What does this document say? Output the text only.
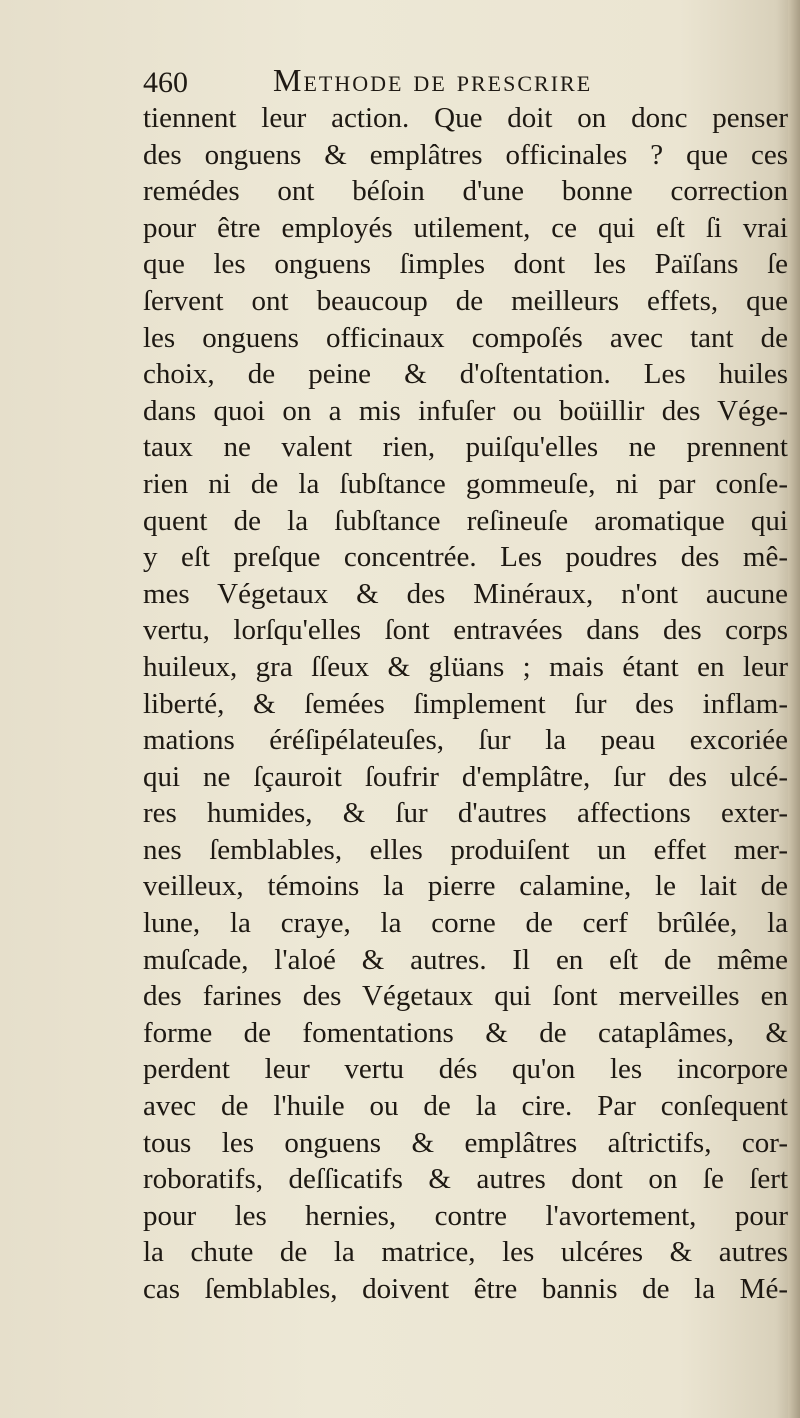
460	Methode de prescrire
tiennent leur action. Que doit on donc penser
des onguens & emplâtres officinales ? que ces
remédes ont béſoin d'une bonne correction
pour être employés utilement, ce qui eſt ſi vrai
que les onguens ſimples dont les Païſans ſe
ſervent ont beaucoup de meilleurs effets, que
les onguens officinaux compoſés avec tant de
choix, de peine & d'oſtentation. Les huiles
dans quoi on a mis infuſer ou boüillir des Vége-
taux ne valent rien, puiſqu'elles ne prennent
rien ni de la ſubſtance gommeuſe, ni par conſe-
quent de la ſubſtance reſineuſe aromatique qui
y eſt preſque concentrée. Les poudres des mê-
mes Végetaux & des Minéraux, n'ont aucune
vertu, lorſqu'elles ſont entravées dans des corps
huileux, gra ſſeux & glüans ; mais étant en leur
liberté, & ſemées ſimplement ſur des inflam-
mations éréſipélateuſes, ſur la peau excoriée
qui ne ſçauroit ſoufrir d'emplâtre, ſur des ulcé-
res humides, & ſur d'autres affections exter-
nes ſemblables, elles produiſent un effet mer-
veilleux, témoins la pierre calamine, le lait de
lune, la craye, la corne de cerf brûlée, la
muſcade, l'aloé & autres. Il en eſt de même
des farines des Végetaux qui ſont merveilles en
forme de fomentations & de cataplâmes, &
perdent leur vertu dés qu'on les incorpore
avec de l'huile ou de la cire. Par conſequent
tous les onguens & emplâtres aſtrictifs, cor-
roboratifs, deſſicatifs & autres dont on ſe ſert
pour les hernies, contre l'avortement, pour
la chute de la matrice, les ulcéres & autres
cas ſemblables, doivent être bannis de la Mé-
